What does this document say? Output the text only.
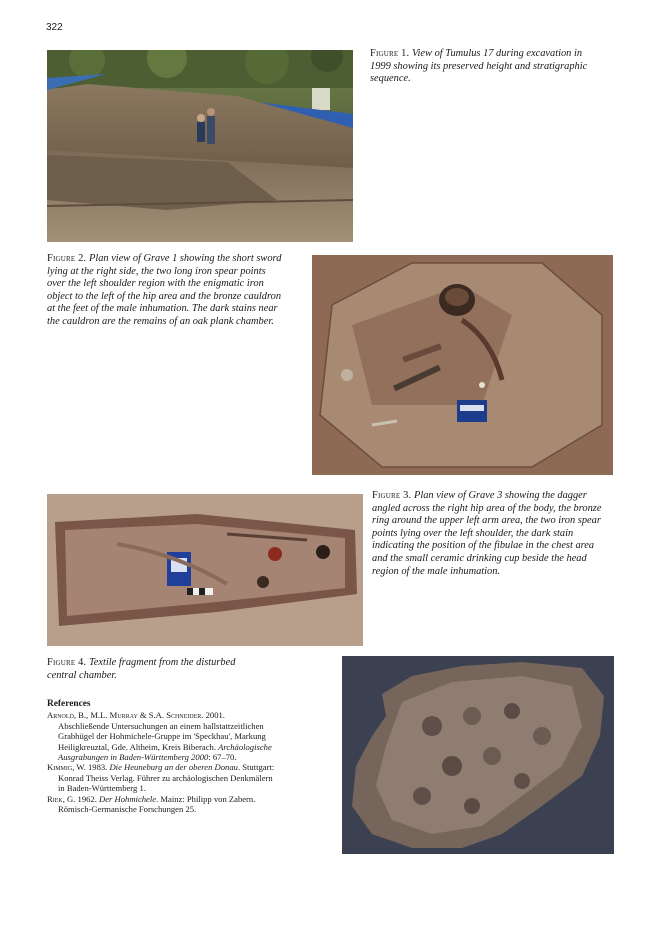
322
Figure 1. View of Tumulus 17 during excavation in 1999 showing its preserved height and stratigraphic sequence.
Figure 2. Plan view of Grave 1 showing the short sword lying at the right side, the two long iron spear points over the left shoulder region with the enigmatic iron object to the left of the hip area and the bronze cauldron at the feet of the male inhumation. The dark stains near the cauldron are the remains of an oak plank chamber.
Figure 3. Plan view of Grave 3 showing the dagger angled across the right hip area of the body, the bronze ring around the upper left arm area, the two iron spear points lying over the left shoulder, the dark stain indicating the position of the fibulae in the chest area and the small ceramic drinking cup beside the head region of the male inhumation.
Figure 4. Textile fragment from the disturbed central chamber.
References

Arnold, B., M.L. Murray & S.A. Schneider. 2001. Abschließende Untersuchungen an einem hallstattzeitlichen Grabhügel der Hohmichele-Gruppe im 'Speckhau', Markung Heiligkreuztal, Gde. Altheim, Kreis Biberach. Archäologische Ausgrabungen in Baden-Württemberg 2000: 67–70.

Kimmig, W. 1983. Die Heuneburg an der oberen Donau. Stuttgart: Konrad Theiss Verlag. Führer zu archäologischen Denkmälern in Baden-Württemberg 1.

Riek, G. 1962. Der Hohmichele. Mainz: Philipp von Zabern. Römisch-Germanische Forschungen 25.
